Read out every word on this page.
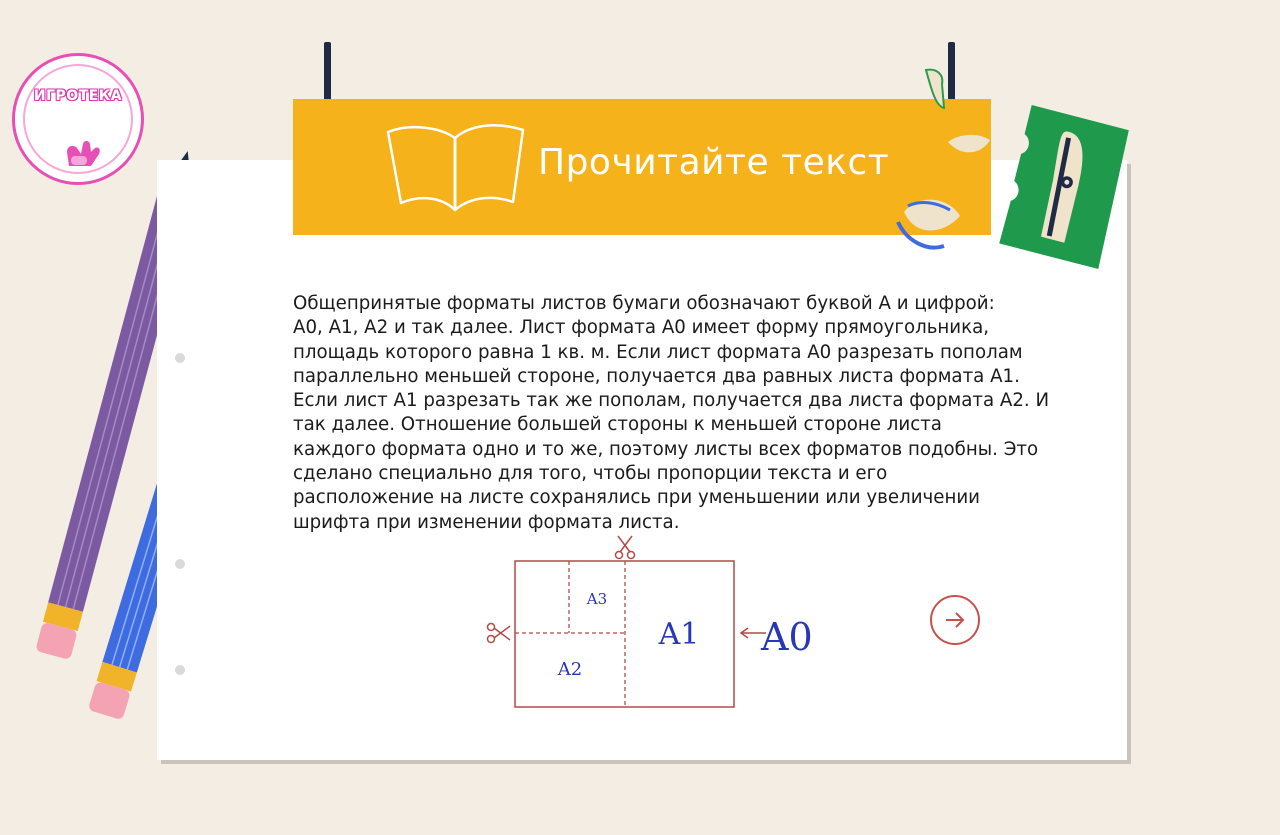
Прочитайте текст
ИГРОТЕКА
Общепринятые форматы листов бумаги обозначают буквой А и цифрой:
А0, А1, А2 и так далее. Лист формата А0 имеет форму прямоугольника,
площадь которого равна 1 кв. м. Если лист формата А0 разрезать пополам
параллельно меньшей стороне, получается два равных листа формата А1.
Если лист А1 разрезать так же пополам, получается два листа формата А2. И
так далее. Отношение большей стороны к меньшей стороне листа
каждого формата одно и то же, поэтому листы всех форматов подобны. Это
сделано специально для того, чтобы пропорции текста и его
расположение на листе сохранялись при уменьшении или увеличении
шрифта при изменении формата листа.
A3
A2
A1 A0
